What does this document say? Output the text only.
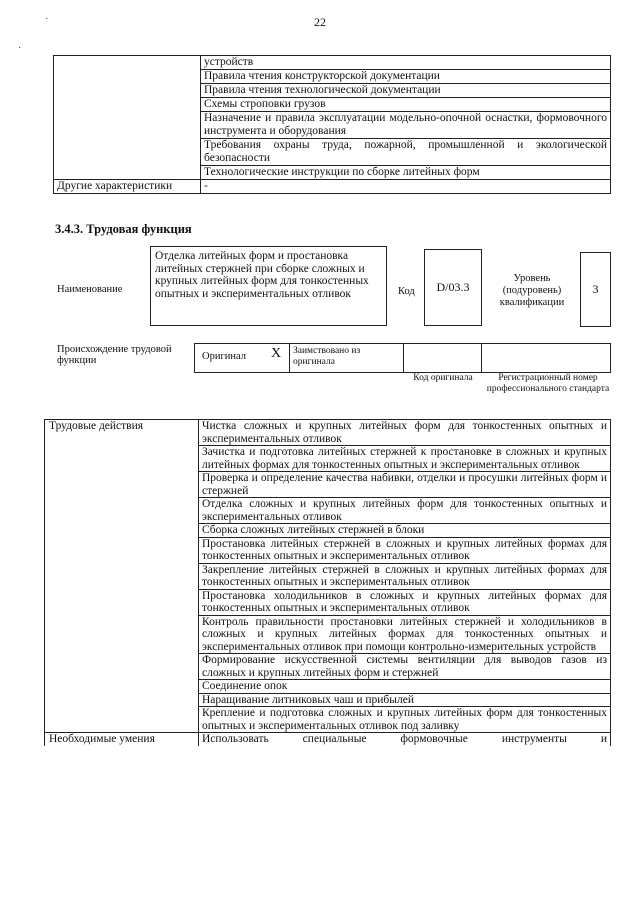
22
·
·
	устройств
	Правила чтения конструкторской документации
	Правила чтения технологической документации
	Схемы строповки грузов
	Назначение и правила эксплуатации модельно-опочной оснастки, формовочного инструмента и оборудования
	Требования охраны труда, пожарной, промышленной и экологической безопасности
	Технологические инструкции по сборке литейных форм
Другие характеристики	-
3.4.3. Трудовая функция
Наименование
Отделка литейных форм и простановка литейных стержней при сборке сложных и крупных литейных форм для тонкостенных опытных и экспериментальных отливок	Код D/03.3
Уровень (подуровень) квалификации
3
Происхождение трудовой функции	Оригинал X Заимствовано из оригинала
Код оригинала	Регистрационный номер профессионального стандарта
Трудовые действия	Чистка сложных и крупных литейных форм для тонкостенных опытных и экспериментальных отливок
	Зачистка и подготовка литейных стержней к простановке в сложных и крупных литейных формах для тонкостенных опытных и экспериментальных отливок
	Проверка и определение качества набивки, отделки и просушки литейных форм и стержней
	Отделка сложных и крупных литейных форм для тонкостенных опытных и экспериментальных отливок
	Сборка сложных литейных стержней в блоки
	Простановка литейных стержней в сложных и крупных литейных формах для тонкостенных опытных и экспериментальных отливок
	Закрепление литейных стержней в сложных и крупных литейных формах для тонкостенных опытных и экспериментальных отливок
	Простановка холодильников в сложных и крупных литейных формах для тонкостенных опытных и экспериментальных отливок
	Контроль правильности простановки литейных стержней и холодильников в сложных и крупных литейных формах для тонкостенных опытных и экспериментальных отливок при помощи контрольно-измерительных устройств
	Формирование искусственной системы вентиляции для выводов газов из сложных и крупных литейных форм и стержней
	Соединение опок
	Наращивание литниковых чаш и прибылей
	Крепление и подготовка сложных и крупных литейных форм для тонкостенных опытных и экспериментальных отливок под заливку
Необходимые умения	Использовать специальные формовочные инструменты и
